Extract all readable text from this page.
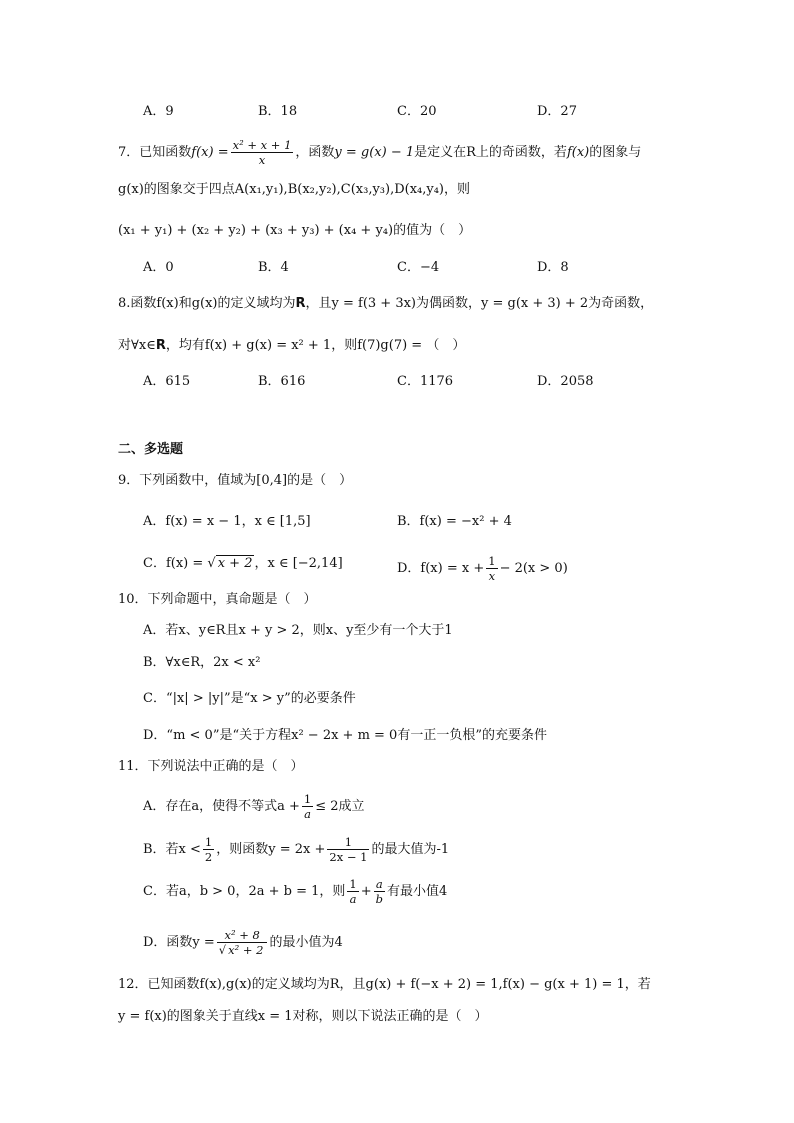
A．9	B．18	C．20	D．27
7．已知函数$f(x) = \frac{\text{x² + x + 1}}{x}$ ，函数y = g(x) − 1是定义在R上的奇函数，若f(x)的图象与
g(x)的图象交于四点A(x₁,y₁),B(x₂,y₂),C(x₃,y₃),D(x₄,y₄)，则
(x₁ + y₁) + (x₂ + y₂) + (x₃ + y₃) + (x₄ + y₄)的值为（　）
A．0	B．4	C．−4	D．8
8.函数f(x)和g(x)的定义域均为R，且y = f(3 + 3x)为偶函数，y = g(x + 3) + 2为奇函数，
对∀x∈R，均有f(x) + g(x) = x² + 1，则f(7)g(7) = （　）
A．615	B．616	C．1176	D．2058
二、多选题
9．下列函数中，值域为[0,4]的是（　）
A．f(x) = x − 1，x ∈ [1,5]	B．f(x) = −x² + 4
C．f(x) = √ x + 2 ，x ∈ [−2,14]	D．$f(x) = x + \frac{1}{x} - 2(x > 0)$
10．下列命题中，真命题是（　）
A．若x、y∈R且x + y > 2，则x、y至少有一个大于1
B．∀x∈R，2x < x²
C．“|x| > |y|”是“x > y”的必要条件
D．“m < 0”是“关于方程x² − 2x + m = 0有一正一负根”的充要条件
11．下列说法中正确的是（　）
A．存在a，使得不等式$a + \frac{1}{a} \le 2$成立
B．若$x < \frac{1}{2}$ ，则函数$y = 2x + \frac{1}{2x - 1}$ 的最大值为-1
C．若a，b > 0，2a + b = 1，则 $\frac{1}{a} + \frac{a}{b}$ 有最小值4
D．函数$y = \frac{\text{x² + 8}}{\text{√ x² + 2}}$ 的最小值为4
12．已知函数f(x),g(x)的定义域均为R，且g(x) + f(−x + 2) = 1,f(x) − g(x + 1) = 1，若
y = f(x)的图象关于直线x = 1对称，则以下说法正确的是（　）
